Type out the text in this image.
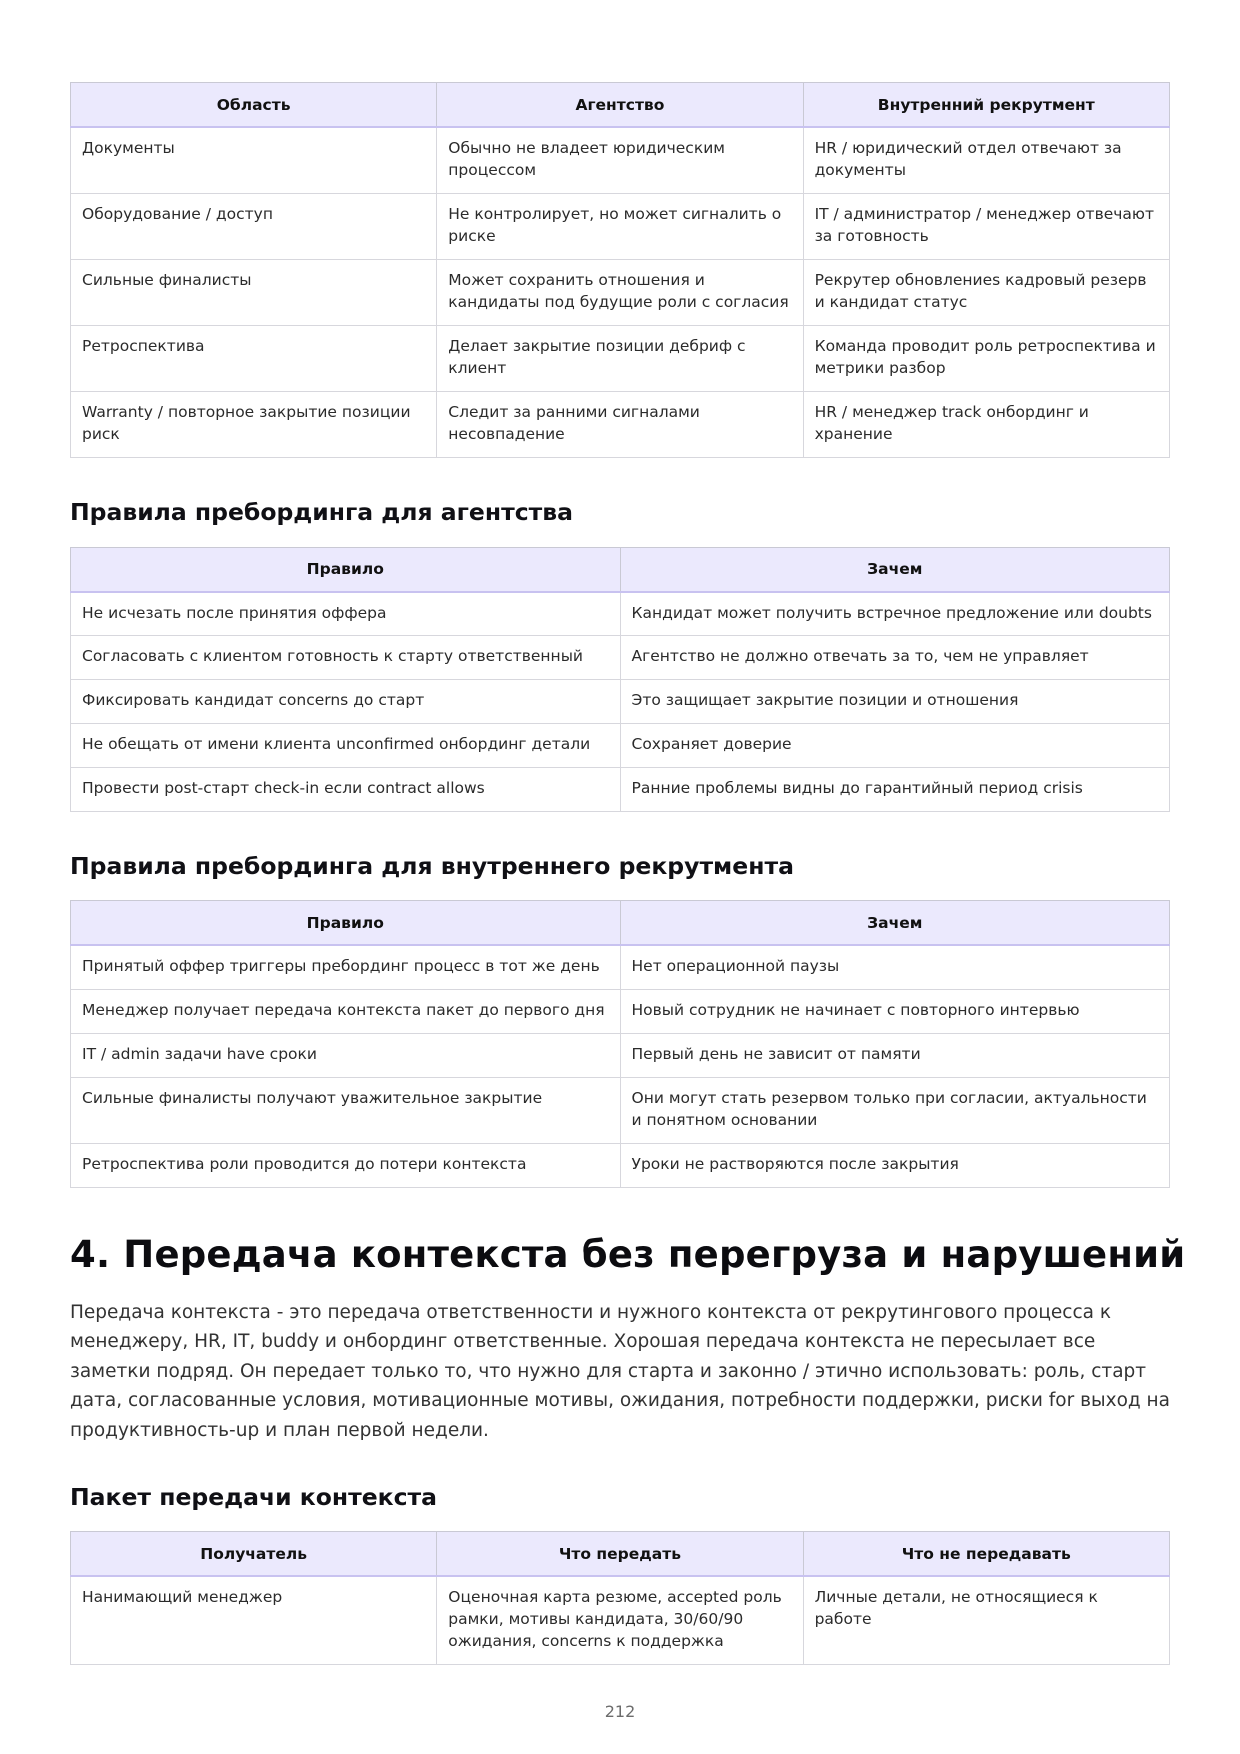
Область	Агентство	Внутренний рекрутмент
Документы	Обычно не владеет юридическим процессом	HR / юридический отдел отвечают за документы
Оборудование / доступ	Не контролирует, но может сигналить о риске	IT / администратор / менеджер отвечают за готовность
Сильные финалисты	Может сохранить отношения и кандидаты под будущие роли с согласия	Рекрутер обновлениes кадровый резерв и кандидат статус
Ретроспектива	Делает закрытие позиции дебриф с клиент	Команда проводит роль ретроспектива и метрики разбор
Warranty / повторное закрытие позиции риск	Следит за ранними сигналами несовпадение	HR / менеджер track онбординг и хранение
Правила пребординга для агентства
Правило	Зачем
Не исчезать после принятия оффера	Кандидат может получить встречное предложение или doubts
Согласовать с клиентом готовность к старту ответственный	Агентство не должно отвечать за то, чем не управляет
Фиксировать кандидат concerns до старт	Это защищает закрытие позиции и отношения
Не обещать от имени клиента unconfirmed онбординг детали	Сохраняет доверие
Провести post-старт check-in если contract allows	Ранние проблемы видны до гарантийный период crisis
Правила пребординга для внутреннего рекрутмента
Правило	Зачем
Принятый оффер триггеры пребординг процесс в тот же день	Нет операционной паузы
Менеджер получает передача контекста пакет до первого дня	Новый сотрудник не начинает с повторного интервью
IT / admin задачи have сроки	Первый день не зависит от памяти
Сильные финалисты получают уважительное закрытие	Они могут стать резервом только при согласии, актуальности и понятном основании
Ретроспектива роли проводится до потери контекста	Уроки не растворяются после закрытия
4. Передача контекста без перегруза и нарушений

Передача контекста - это передача ответственности и нужного контекста от рекрутингового процесса к менеджеру, HR, IT, buddy и онбординг ответственные. Хорошая передача контекста не пересылает все заметки подряд. Он передает только то, что нужно для старта и законно / этично использовать: роль, старт дата, согласованные условия, мотивационные мотивы, ожидания, потребности поддержки, риски for выход на продуктивность-up и план первой недели.

Пакет передачи контекста
Получатель	Что передать	Что не передавать
Нанимающий менеджер	Оценочная карта резюме, accepted роль рамки, мотивы кандидата, 30/60/90 ожидания, concerns к поддержка	Личные детали, не относящиеся к работе
212
